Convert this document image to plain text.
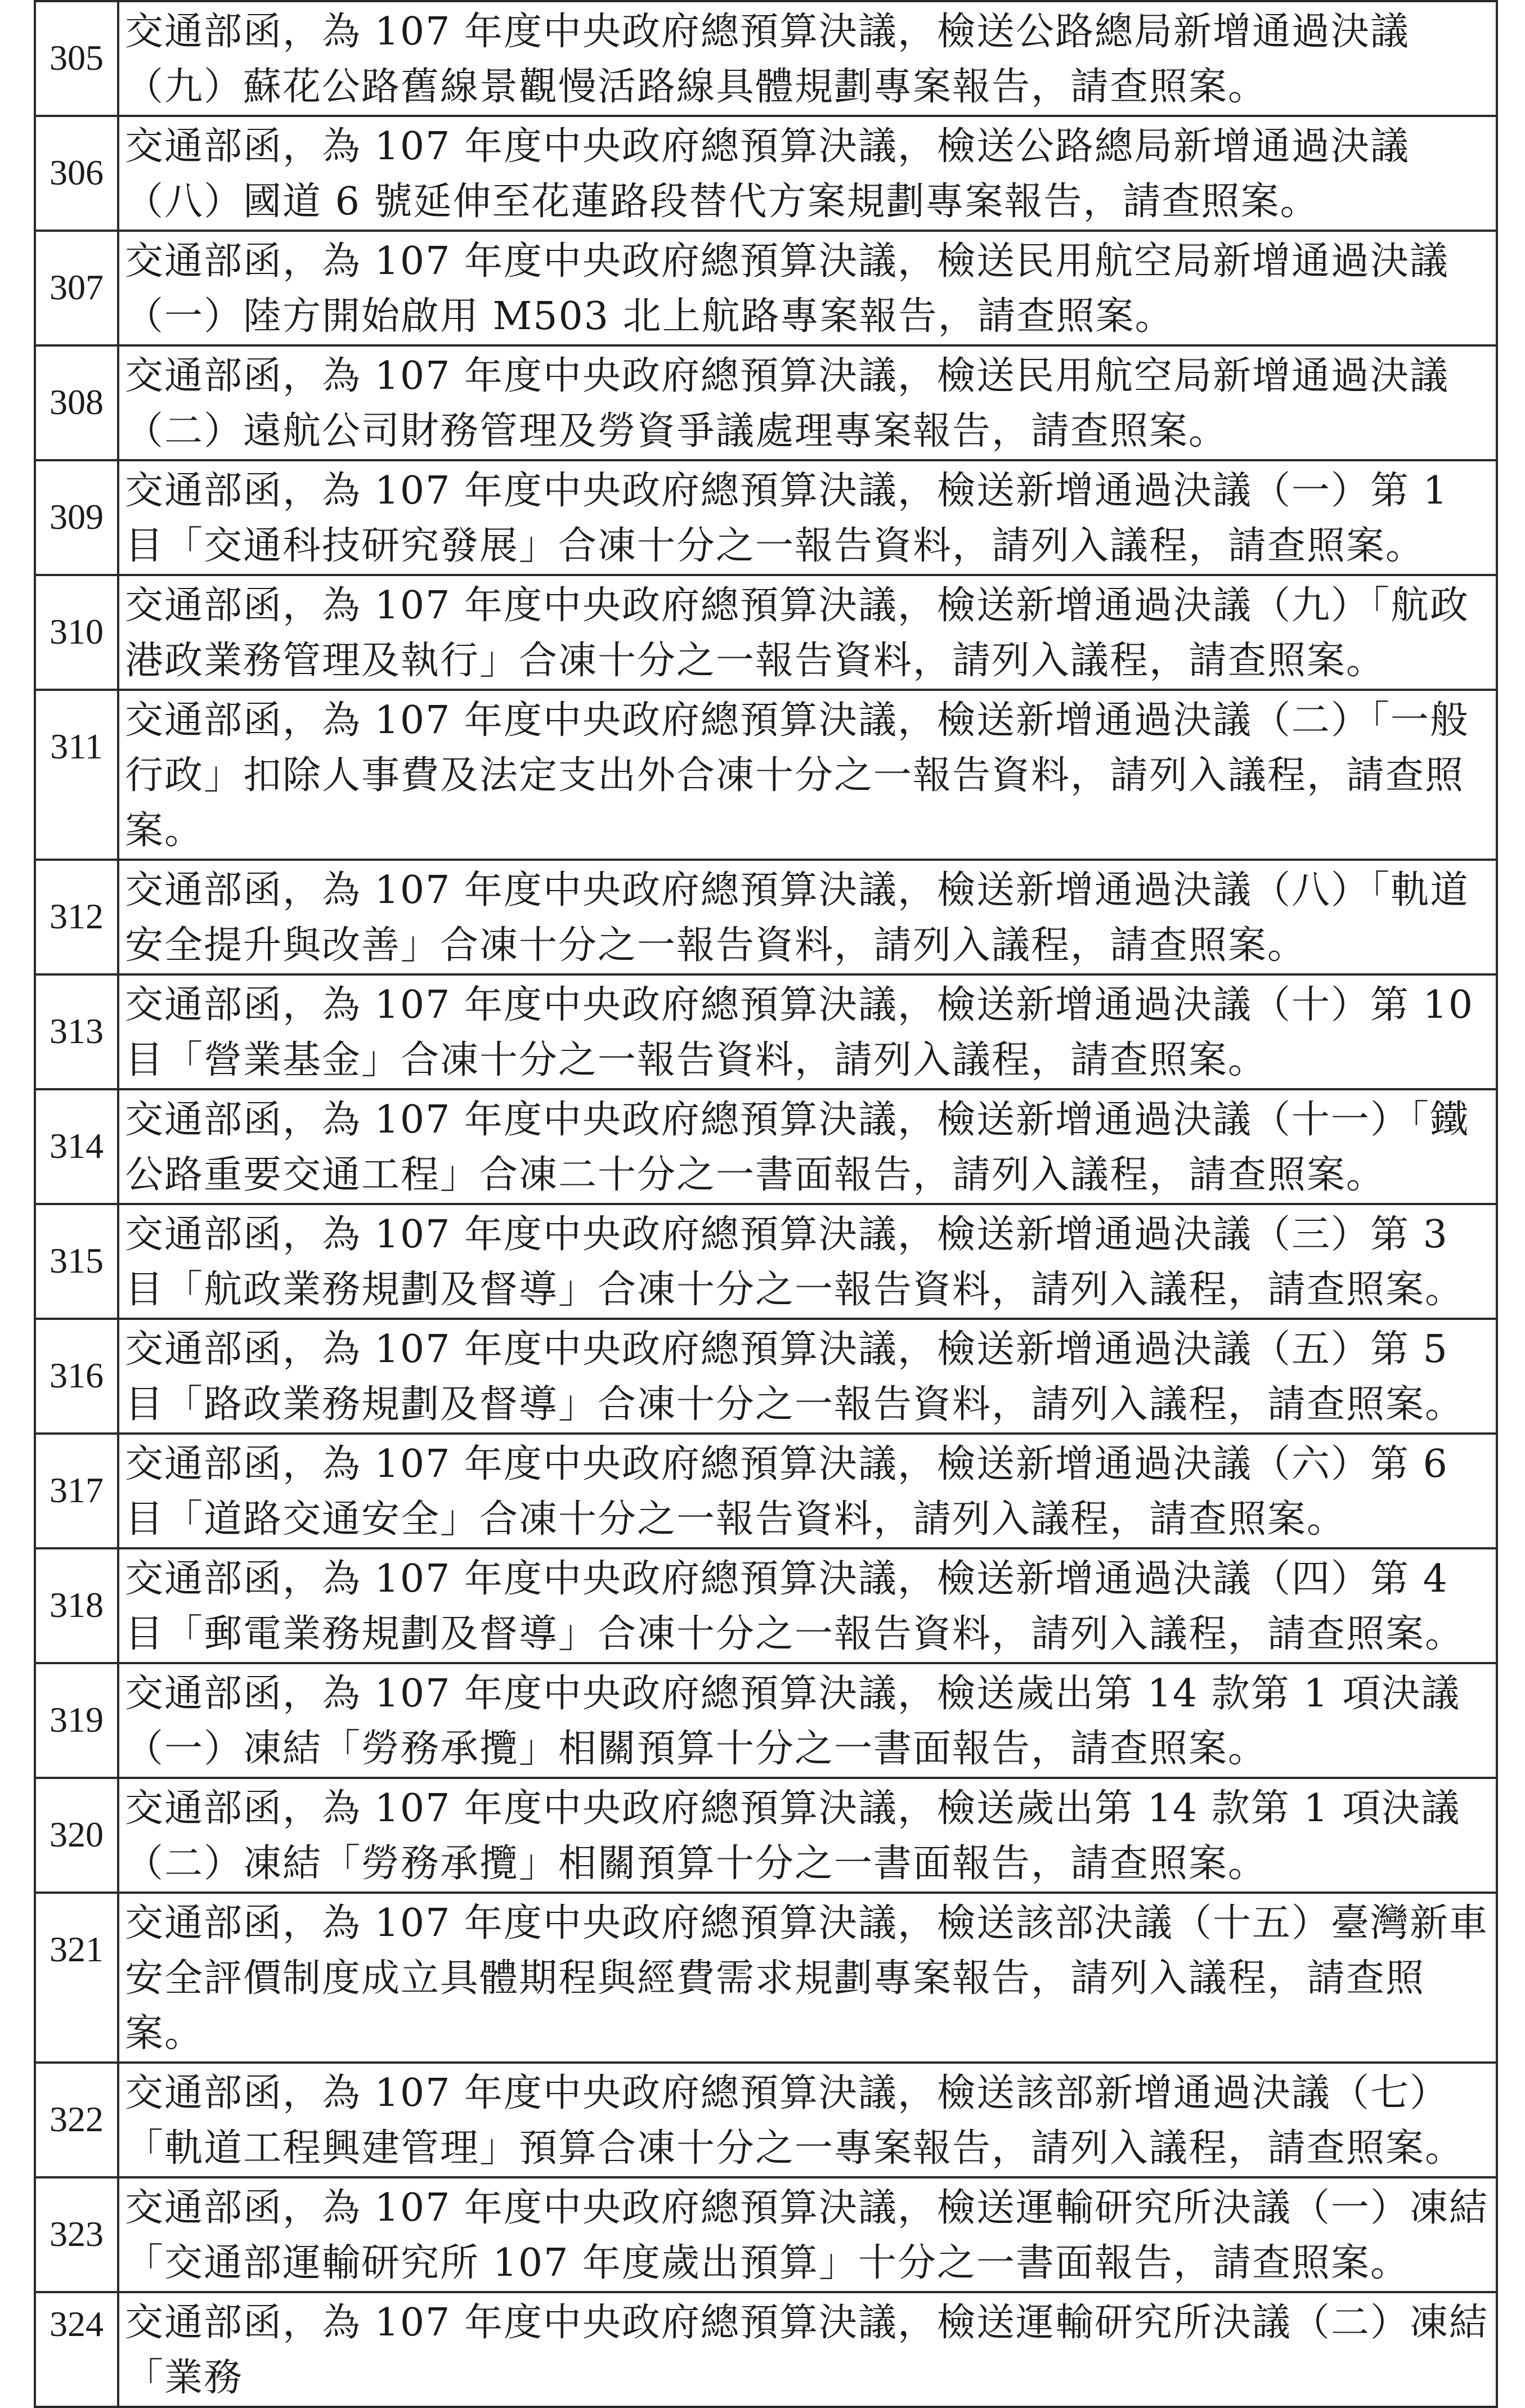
305	交通部函，為 107 年度中央政府總預算決議，檢送公路總局新增通過決議（九）蘇花公路舊線景觀慢活路線具體規劃專案報告，請查照案。
306	交通部函，為 107 年度中央政府總預算決議，檢送公路總局新增通過決議（八）國道 6 號延伸至花蓮路段替代方案規劃專案報告，請查照案。
307	交通部函，為 107 年度中央政府總預算決議，檢送民用航空局新增通過決議（一）陸方開始啟用 M503 北上航路專案報告，請查照案。
308	交通部函，為 107 年度中央政府總預算決議，檢送民用航空局新增通過決議（二）遠航公司財務管理及勞資爭議處理專案報告，請查照案。
309	交通部函，為 107 年度中央政府總預算決議，檢送新增通過決議（一）第 1 目「交通科技研究發展」合凍十分之一報告資料，請列入議程，請查照案。
310	交通部函，為 107 年度中央政府總預算決議，檢送新增通過決議（九）「航政港政業務管理及執行」合凍十分之一報告資料，請列入議程，請查照案。
311	交通部函，為 107 年度中央政府總預算決議，檢送新增通過決議（二）「一般行政」扣除人事費及法定支出外合凍十分之一報告資料，請列入議程，請查照案。
312	交通部函，為 107 年度中央政府總預算決議，檢送新增通過決議（八）「軌道安全提升與改善」合凍十分之一報告資料，請列入議程，請查照案。
313	交通部函，為 107 年度中央政府總預算決議，檢送新增通過決議（十）第 10 目「營業基金」合凍十分之一報告資料，請列入議程，請查照案。
314	交通部函，為 107 年度中央政府總預算決議，檢送新增通過決議（十一）「鐵公路重要交通工程」合凍二十分之一書面報告，請列入議程，請查照案。
315	交通部函，為 107 年度中央政府總預算決議，檢送新增通過決議（三）第 3 目「航政業務規劃及督導」合凍十分之一報告資料，請列入議程，請查照案。
316	交通部函，為 107 年度中央政府總預算決議，檢送新增通過決議（五）第 5 目「路政業務規劃及督導」合凍十分之一報告資料，請列入議程，請查照案。
317	交通部函，為 107 年度中央政府總預算決議，檢送新增通過決議（六）第 6 目「道路交通安全」合凍十分之一報告資料，請列入議程，請查照案。
318	交通部函，為 107 年度中央政府總預算決議，檢送新增通過決議（四）第 4 目「郵電業務規劃及督導」合凍十分之一報告資料，請列入議程，請查照案。
319	交通部函，為 107 年度中央政府總預算決議，檢送歲出第 14 款第 1 項決議（一）凍結「勞務承攬」相關預算十分之一書面報告，請查照案。
320	交通部函，為 107 年度中央政府總預算決議，檢送歲出第 14 款第 1 項決議（二）凍結「勞務承攬」相關預算十分之一書面報告，請查照案。
321	交通部函，為 107 年度中央政府總預算決議，檢送該部決議（十五）臺灣新車安全評價制度成立具體期程與經費需求規劃專案報告，請列入議程，請查照案。
322	交通部函，為 107 年度中央政府總預算決議，檢送該部新增通過決議（七）「軌道工程興建管理」預算合凍十分之一專案報告，請列入議程，請查照案。
323	交通部函，為 107 年度中央政府總預算決議，檢送運輸研究所決議（一）凍結「交通部運輸研究所 107 年度歲出預算」十分之一書面報告，請查照案。
324	交通部函，為 107 年度中央政府總預算決議，檢送運輸研究所決議（二）凍結「業務
